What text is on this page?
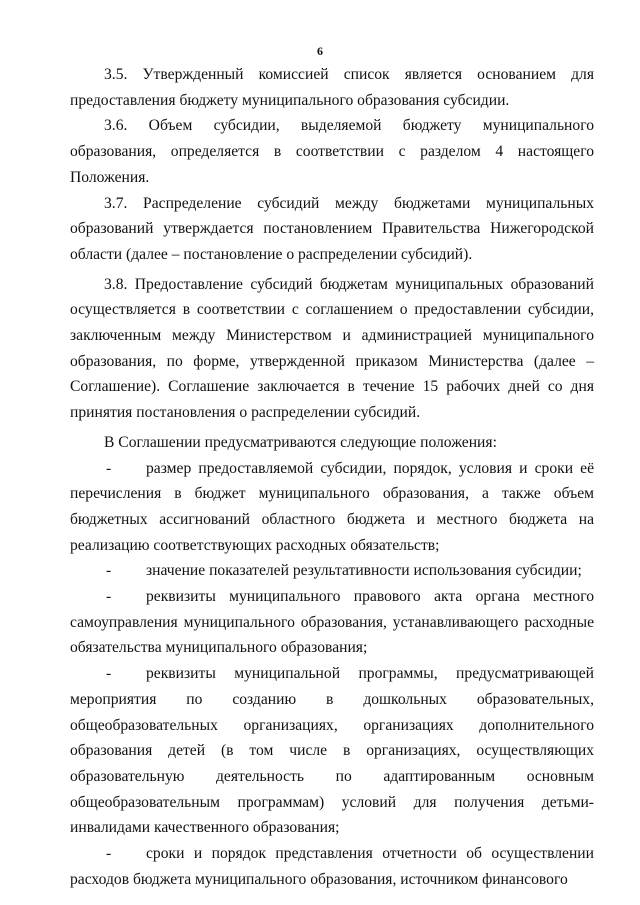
6

3.5. Утвержденный комиссией список является основанием для предоставления бюджету муниципального образования субсидии.

3.6. Объем субсидии, выделяемой бюджету муниципального образования, определяется в соответствии с разделом 4 настоящего Положения.

3.7. Распределение субсидий между бюджетами муниципальных образований утверждается постановлением Правительства Нижегородской области (далее – постановление о распределении субсидий).

3.8. Предоставление субсидий бюджетам муниципальных образований осуществляется в соответствии с соглашением о предоставлении субсидии, заключенным между Министерством и администрацией муниципального образования, по форме, утвержденной приказом Министерства (далее – Соглашение). Соглашение заключается в течение 15 рабочих дней со дня принятия постановления о распределении субсидий.

В Соглашении предусматриваются следующие положения:

- размер предоставляемой субсидии, порядок, условия и сроки её перечисления в бюджет муниципального образования, а также объем бюджетных ассигнований областного бюджета и местного бюджета на реализацию соответствующих расходных обязательств;

- значение показателей результативности использования субсидии;

- реквизиты муниципального правового акта органа местного самоуправления муниципального образования, устанавливающего расходные обязательства муниципального образования;

- реквизиты муниципальной программы, предусматривающей мероприятия по созданию в дошкольных образовательных, общеобразовательных организациях, организациях дополнительного образования детей (в том числе в организациях, осуществляющих образовательную деятельность по адаптированным основным общеобразовательным программам) условий для получения детьми-инвалидами качественного образования;

- сроки и порядок представления отчетности об осуществлении расходов бюджета муниципального образования, источником финансового
